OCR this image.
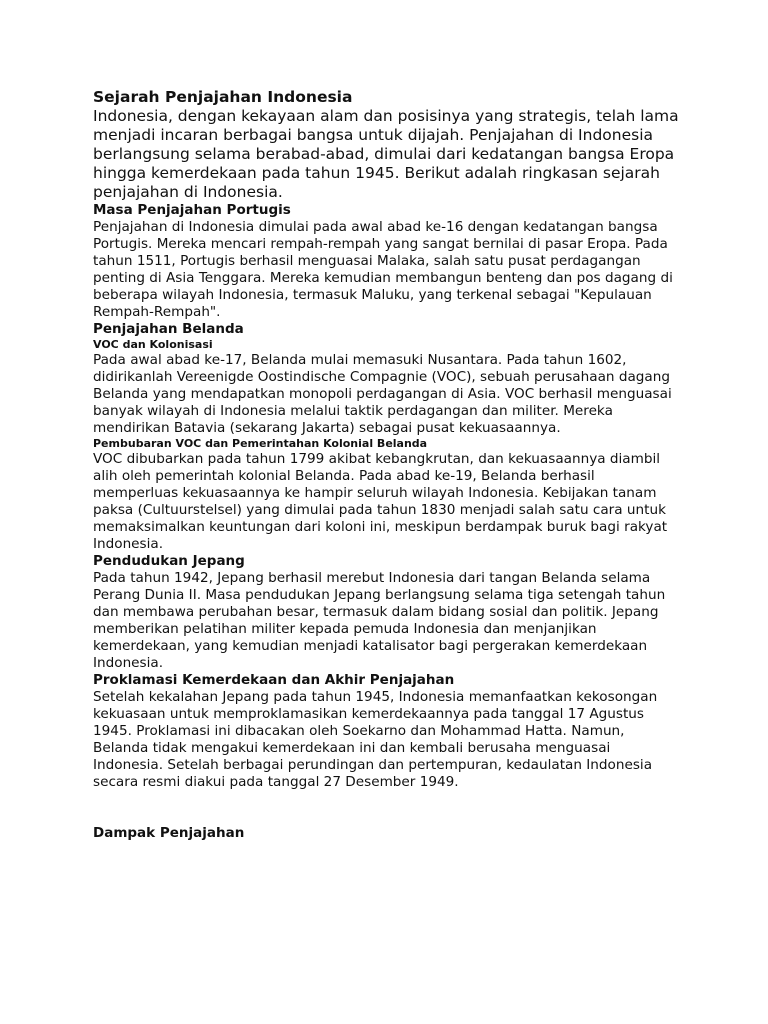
Sejarah Penjajahan Indonesia

Indonesia, dengan kekayaan alam dan posisinya yang strategis, telah lama menjadi incaran berbagai bangsa untuk dijajah. Penjajahan di Indonesia berlangsung selama berabad-abad, dimulai dari kedatangan bangsa Eropa hingga kemerdekaan pada tahun 1945. Berikut adalah ringkasan sejarah penjajahan di Indonesia.

Masa Penjajahan Portugis

Penjajahan di Indonesia dimulai pada awal abad ke-16 dengan kedatangan bangsa Portugis. Mereka mencari rempah-rempah yang sangat bernilai di pasar Eropa. Pada tahun 1511, Portugis berhasil menguasai Malaka, salah satu pusat perdagangan penting di Asia Tenggara. Mereka kemudian membangun benteng dan pos dagang di beberapa wilayah Indonesia, termasuk Maluku, yang terkenal sebagai "Kepulauan Rempah-Rempah".

Penjajahan Belanda
VOC dan Kolonisasi

Pada awal abad ke-17, Belanda mulai memasuki Nusantara. Pada tahun 1602, didirikanlah Vereenigde Oostindische Compagnie (VOC), sebuah perusahaan dagang Belanda yang mendapatkan monopoli perdagangan di Asia. VOC berhasil menguasai banyak wilayah di Indonesia melalui taktik perdagangan dan militer. Mereka mendirikan Batavia (sekarang Jakarta) sebagai pusat kekuasaannya.

Pembubaran VOC dan Pemerintahan Kolonial Belanda

VOC dibubarkan pada tahun 1799 akibat kebangkrutan, dan kekuasaannya diambil alih oleh pemerintah kolonial Belanda. Pada abad ke-19, Belanda berhasil memperluas kekuasaannya ke hampir seluruh wilayah Indonesia. Kebijakan tanam paksa (Cultuurstelsel) yang dimulai pada tahun 1830 menjadi salah satu cara untuk memaksimalkan keuntungan dari koloni ini, meskipun berdampak buruk bagi rakyat Indonesia.

Pendudukan Jepang

Pada tahun 1942, Jepang berhasil merebut Indonesia dari tangan Belanda selama Perang Dunia II. Masa pendudukan Jepang berlangsung selama tiga setengah tahun dan membawa perubahan besar, termasuk dalam bidang sosial dan politik. Jepang memberikan pelatihan militer kepada pemuda Indonesia dan menjanjikan kemerdekaan, yang kemudian menjadi katalisator bagi pergerakan kemerdekaan Indonesia.

Proklamasi Kemerdekaan dan Akhir Penjajahan

Setelah kekalahan Jepang pada tahun 1945, Indonesia memanfaatkan kekosongan kekuasaan untuk memproklamasikan kemerdekaannya pada tanggal 17 Agustus 1945. Proklamasi ini dibacakan oleh Soekarno dan Mohammad Hatta. Namun, Belanda tidak mengakui kemerdekaan ini dan kembali berusaha menguasai Indonesia. Setelah berbagai perundingan dan pertempuran, kedaulatan Indonesia secara resmi diakui pada tanggal 27 Desember 1949.

Dampak Penjajahan
